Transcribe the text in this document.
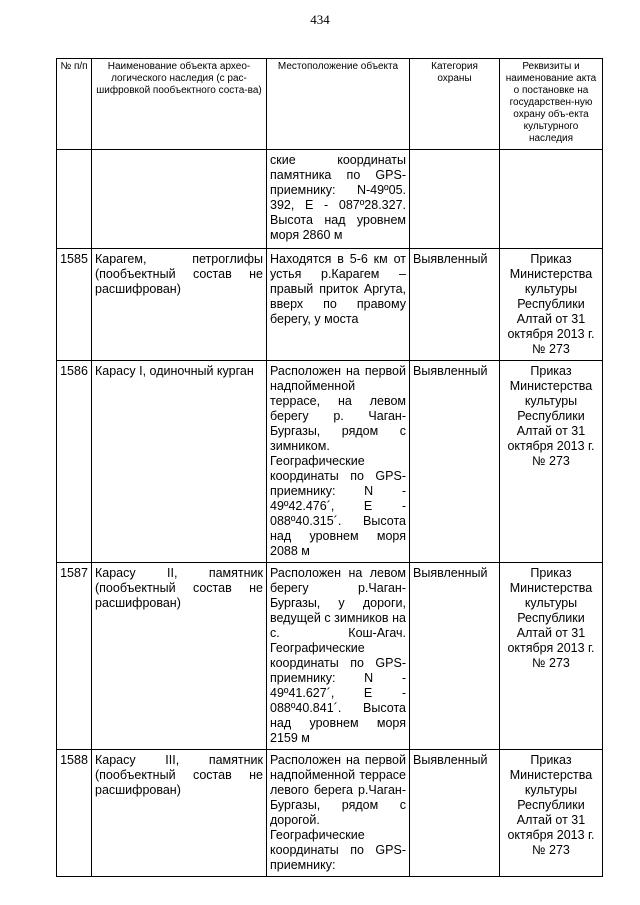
434
№ п/п	Наименование объекта архео-логического наследия (с рас-шифровкой пообъектного соста-ва)	Местоположение объекта	Категория охраны	Реквизиты и наименование акта о постановке на государствен-ную охрану объ-екта культурного наследия
		ские координаты памятника по GPS-приемнику: N-49º05. 392, E - 087º28.327. Высота над уровнем моря 2860 м		
1585	Карагем, петроглифы (пообъектный состав не расшифрован)	Находятся в 5-6 км от устья р.Карагем – правый приток Аргута, вверх по правому берегу, у моста	Выявленный	Приказ Министерства культуры Республики Алтай от 31 октября 2013 г. № 273
1586	Карасу I, одиночный курган	Расположен на первой надпойменной террасе, на левом берегу р. Чаган-Бургазы, рядом с зимником. Географические координаты по GPS-приемнику: N - 49º42.476´, E - 088º40.315´. Высота над уровнем моря 2088 м	Выявленный	Приказ Министерства культуры Республики Алтай от 31 октября 2013 г. № 273
1587	Карасу II, памятник (пообъектный состав не расшифрован)	Расположен на левом берегу р.Чаган-Бургазы, у дороги, ведущей с зимников на с. Кош-Агач. Географические координаты по GPS-приемнику: N - 49º41.627´, E - 088º40.841´. Высота над уровнем моря 2159 м	Выявленный	Приказ Министерства культуры Республики Алтай от 31 октября 2013 г. № 273
1588	Карасу III, памятник (пообъектный состав не расшифрован)	Расположен на первой надпойменной террасе левого берега р.Чаган-Бургазы, рядом с дорогой. Географические координаты по GPS-приемнику:	Выявленный	Приказ Министерства культуры Республики Алтай от 31 октября 2013 г. № 273
